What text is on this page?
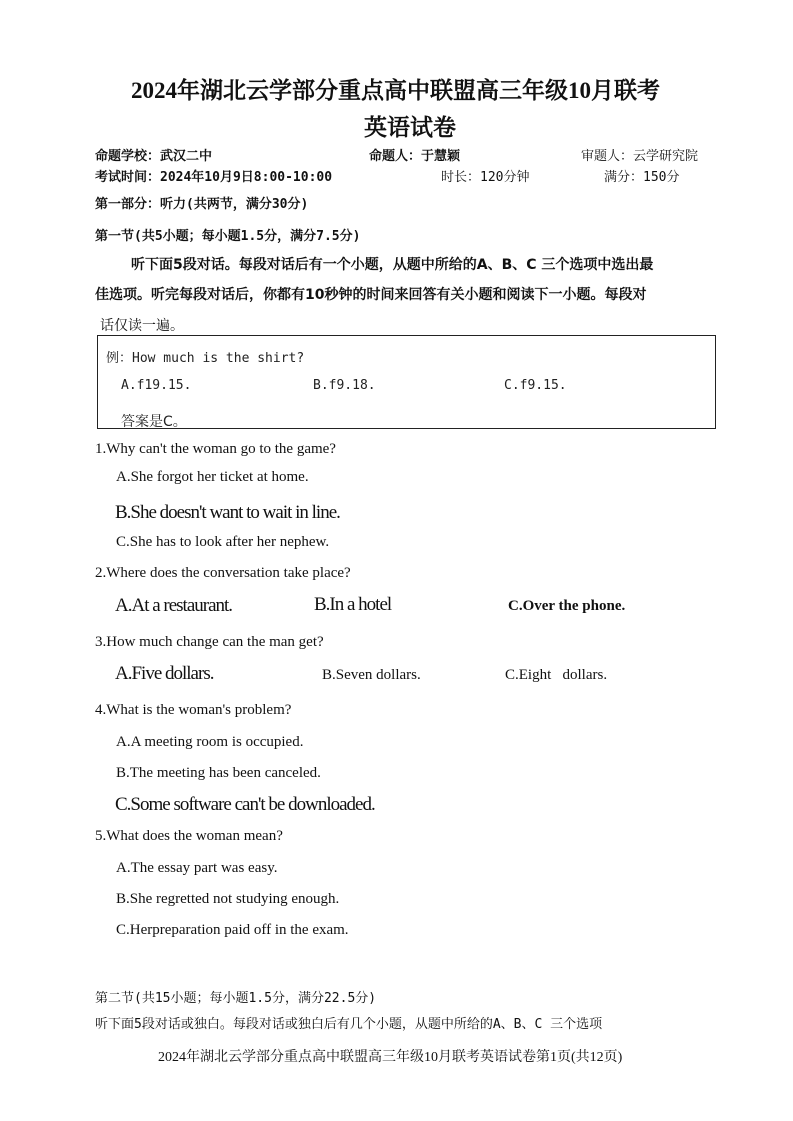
2024年湖北云学部分重点高中联盟高三年级10月联考
英语试卷
命题学校：武汉二中	命题人：于慧颖	审题人：云学研究院
考试时间：2024年10月9日8:00-10:00	时长：120分钟	满分：150分
第一部分：听力(共两节，满分30分)
第一节(共5小题；每小题1.5分，满分7.5分)
听下面5段对话。每段对话后有一个小题，从题中所给的A、B、C 三个选项中选出最
佳选项。听完每段对话后，你都有10秒钟的时间来回答有关小题和阅读下一小题。每段对
话仅读一遍。
例：How much is the shirt?
A.f19.15.	B.f9.18.	C.f9.15.
答案是C。
1.Why can't the woman go to the game?
A.She forgot her ticket at home.
B.She doesn't want to wait in line.
C.She has to look after her nephew.
2.Where does the conversation take place?
A.At a restaurant.	B.In a hotel	C.Over the phone.
3.How much change can the man get?
A.Five dollars.	B.Seven dollars.	C.Eight   dollars.
4.What is the woman's problem?
A.A meeting room is occupied.
B.The meeting has been canceled.
C.Some software can't be downloaded.
5.What does the woman mean?
A.The essay part was easy.
B.She regretted not studying enough.
C.Herpreparation paid off in the exam.
第二节(共15小题；每小题1.5分，满分22.5分)
听下面5段对话或独白。每段对话或独白后有几个小题，从题中所给的A、B、C 三个选项
2024年湖北云学部分重点高中联盟高三年级10月联考英语试卷第1页(共12页)
